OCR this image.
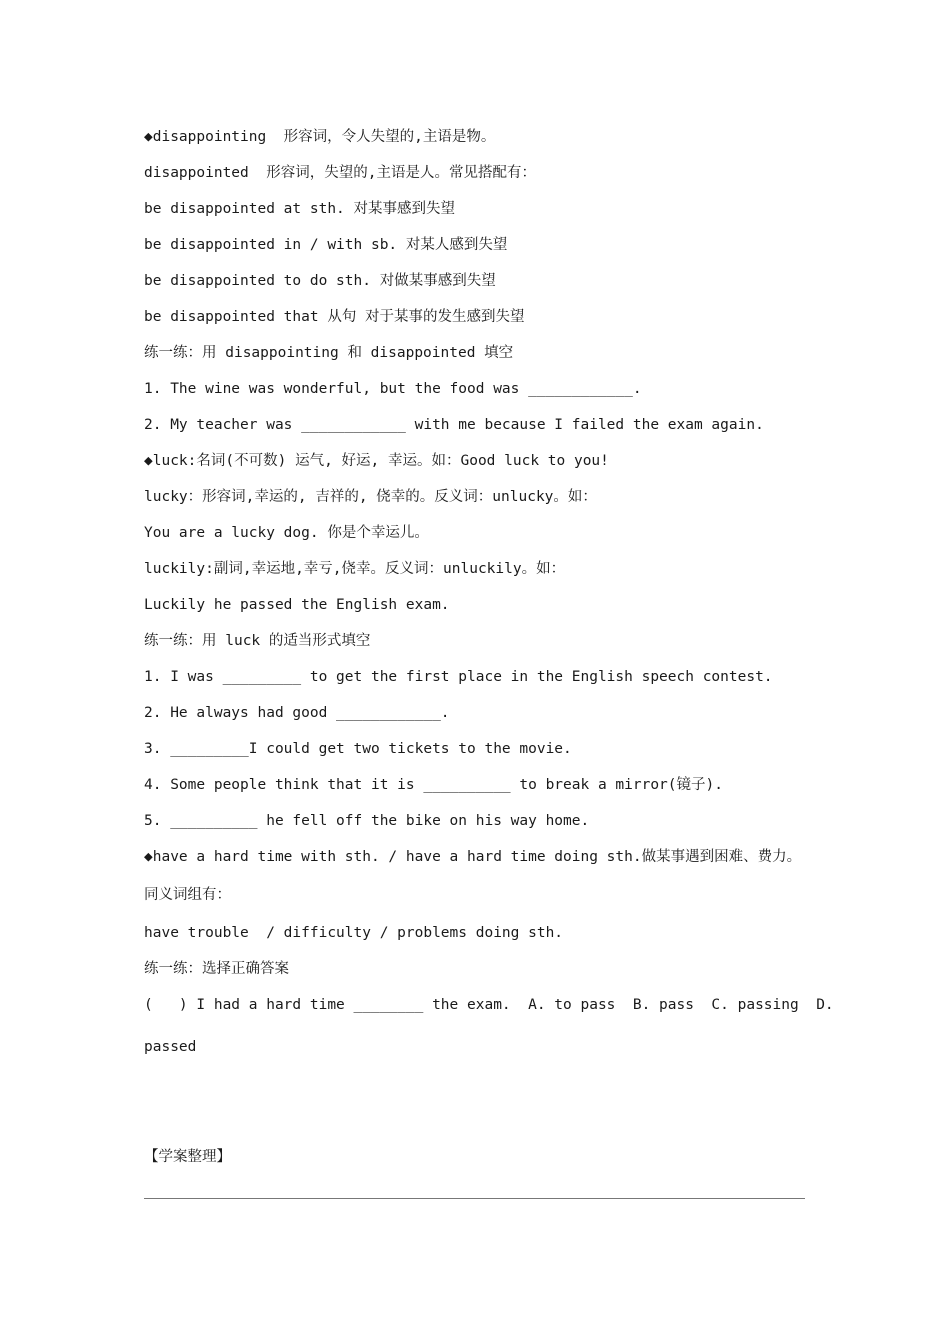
◆disappointing  形容词，令人失望的,主语是物。
disappointed  形容词，失望的,主语是人。常见搭配有：
be disappointed at sth. 对某事感到失望
be disappointed in / with sb. 对某人感到失望
be disappointed to do sth. 对做某事感到失望
be disappointed that 从句 对于某事的发生感到失望
练一练：用 disappointing 和 disappointed 填空
1. The wine was wonderful, but the food was ____________.
2. My teacher was ____________ with me because I failed the exam again.
◆luck:名词(不可数) 运气, 好运, 幸运。如：Good luck to you!
lucky：形容词,幸运的, 吉祥的, 侥幸的。反义词：unlucky。如：
You are a lucky dog. 你是个幸运儿。
luckily:副词,幸运地,幸亏,侥幸。反义词：unluckily。如：
Luckily he passed the English exam.
练一练：用 luck 的适当形式填空
1. I was _________ to get the first place in the English speech contest.
2. He always had good ____________.
3. _________I could get two tickets to the movie.
4. Some people think that it is __________ to break a mirror(镜子).
5. __________ he fell off the bike on his way home.
◆have a hard time with sth. / have a hard time doing sth.做某事遇到困难、费力。
同义词组有：
have trouble  / difficulty / problems doing sth.
练一练：选择正确答案
(   ) I had a hard time ________ the exam.  A. to pass  B. pass  C. passing  D.
passed
【学案整理】
